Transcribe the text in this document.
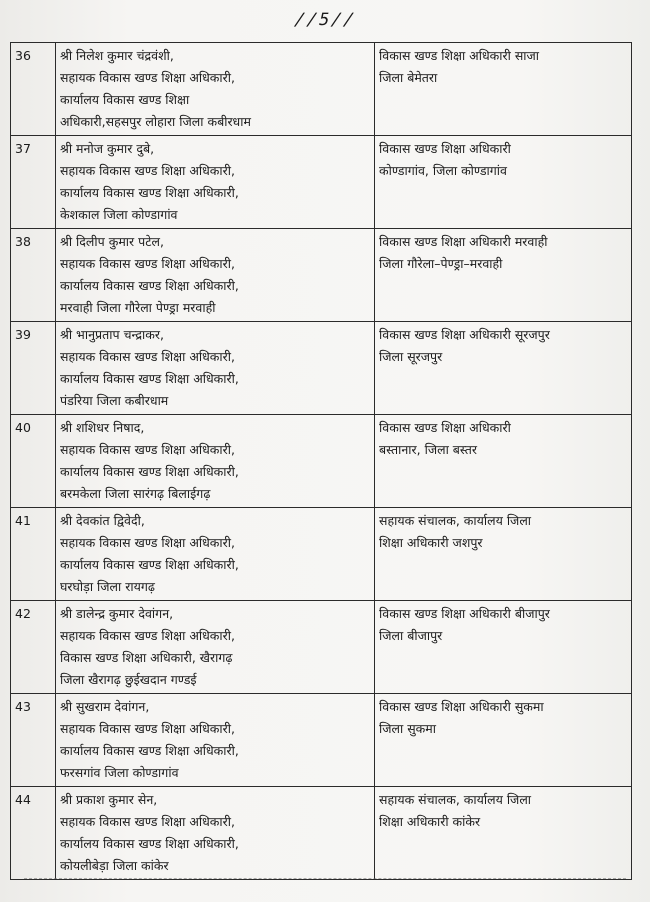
//5//
36	श्री निलेश कुमार चंद्रवंशी,
सहायक विकास खण्ड शिक्षा अधिकारी,
कार्यालय विकास खण्ड शिक्षा
अधिकारी,सहसपुर लोहारा जिला कबीरधाम	विकास खण्ड शिक्षा अधिकारी साजा
जिला बेमेतरा

37	श्री मनोज कुमार दुबे,
सहायक विकास खण्ड शिक्षा अधिकारी,
कार्यालय विकास खण्ड शिक्षा अधिकारी,
केशकाल जिला कोण्डागांव	विकास खण्ड शिक्षा अधिकारी
कोण्डागांव, जिला कोण्डागांव

38	श्री दिलीप कुमार पटेल,
सहायक विकास खण्ड शिक्षा अधिकारी,
कार्यालय विकास खण्ड शिक्षा अधिकारी,
मरवाही जिला गौरेला पेण्ड्रा मरवाही	विकास खण्ड शिक्षा अधिकारी मरवाही
जिला गौरेला–पेण्ड्रा–मरवाही

39	श्री भानुप्रताप चन्द्राकर,
सहायक विकास खण्ड शिक्षा अधिकारी,
कार्यालय विकास खण्ड शिक्षा अधिकारी,
पंडरिया जिला कबीरधाम	विकास खण्ड शिक्षा अधिकारी सूरजपुर
जिला सूरजपुर

40	श्री शशिधर निषाद,
सहायक विकास खण्ड शिक्षा अधिकारी,
कार्यालय विकास खण्ड शिक्षा अधिकारी,
बरमकेला जिला सारंगढ़ बिलाईगढ़	विकास खण्ड शिक्षा अधिकारी
बस्तानार, जिला बस्तर

41	श्री देवकांत द्विवेदी,
सहायक विकास खण्ड शिक्षा अधिकारी,
कार्यालय विकास खण्ड शिक्षा अधिकारी,
घरघोड़ा जिला रायगढ़	सहायक संचालक, कार्यालय जिला
शिक्षा अधिकारी जशपुर

42	श्री डालेन्द्र कुमार देवांगन,
सहायक विकास खण्ड शिक्षा अधिकारी,
विकास खण्ड शिक्षा अधिकारी, खैरागढ़
जिला खैरागढ़ छुईखदान गण्डई	विकास खण्ड शिक्षा अधिकारी बीजापुर
जिला बीजापुर

43	श्री सुखराम देवांगन,
सहायक विकास खण्ड शिक्षा अधिकारी,
कार्यालय विकास खण्ड शिक्षा अधिकारी,
फरसगांव जिला कोण्डागांव	विकास खण्ड शिक्षा अधिकारी सुकमा
जिला सुकमा

44	श्री प्रकाश कुमार सेन,
सहायक विकास खण्ड शिक्षा अधिकारी,
कार्यालय विकास खण्ड शिक्षा अधिकारी,
कोयलीबेड़ा जिला कांकेर	सहायक संचालक, कार्यालय जिला
शिक्षा अधिकारी कांकेर
